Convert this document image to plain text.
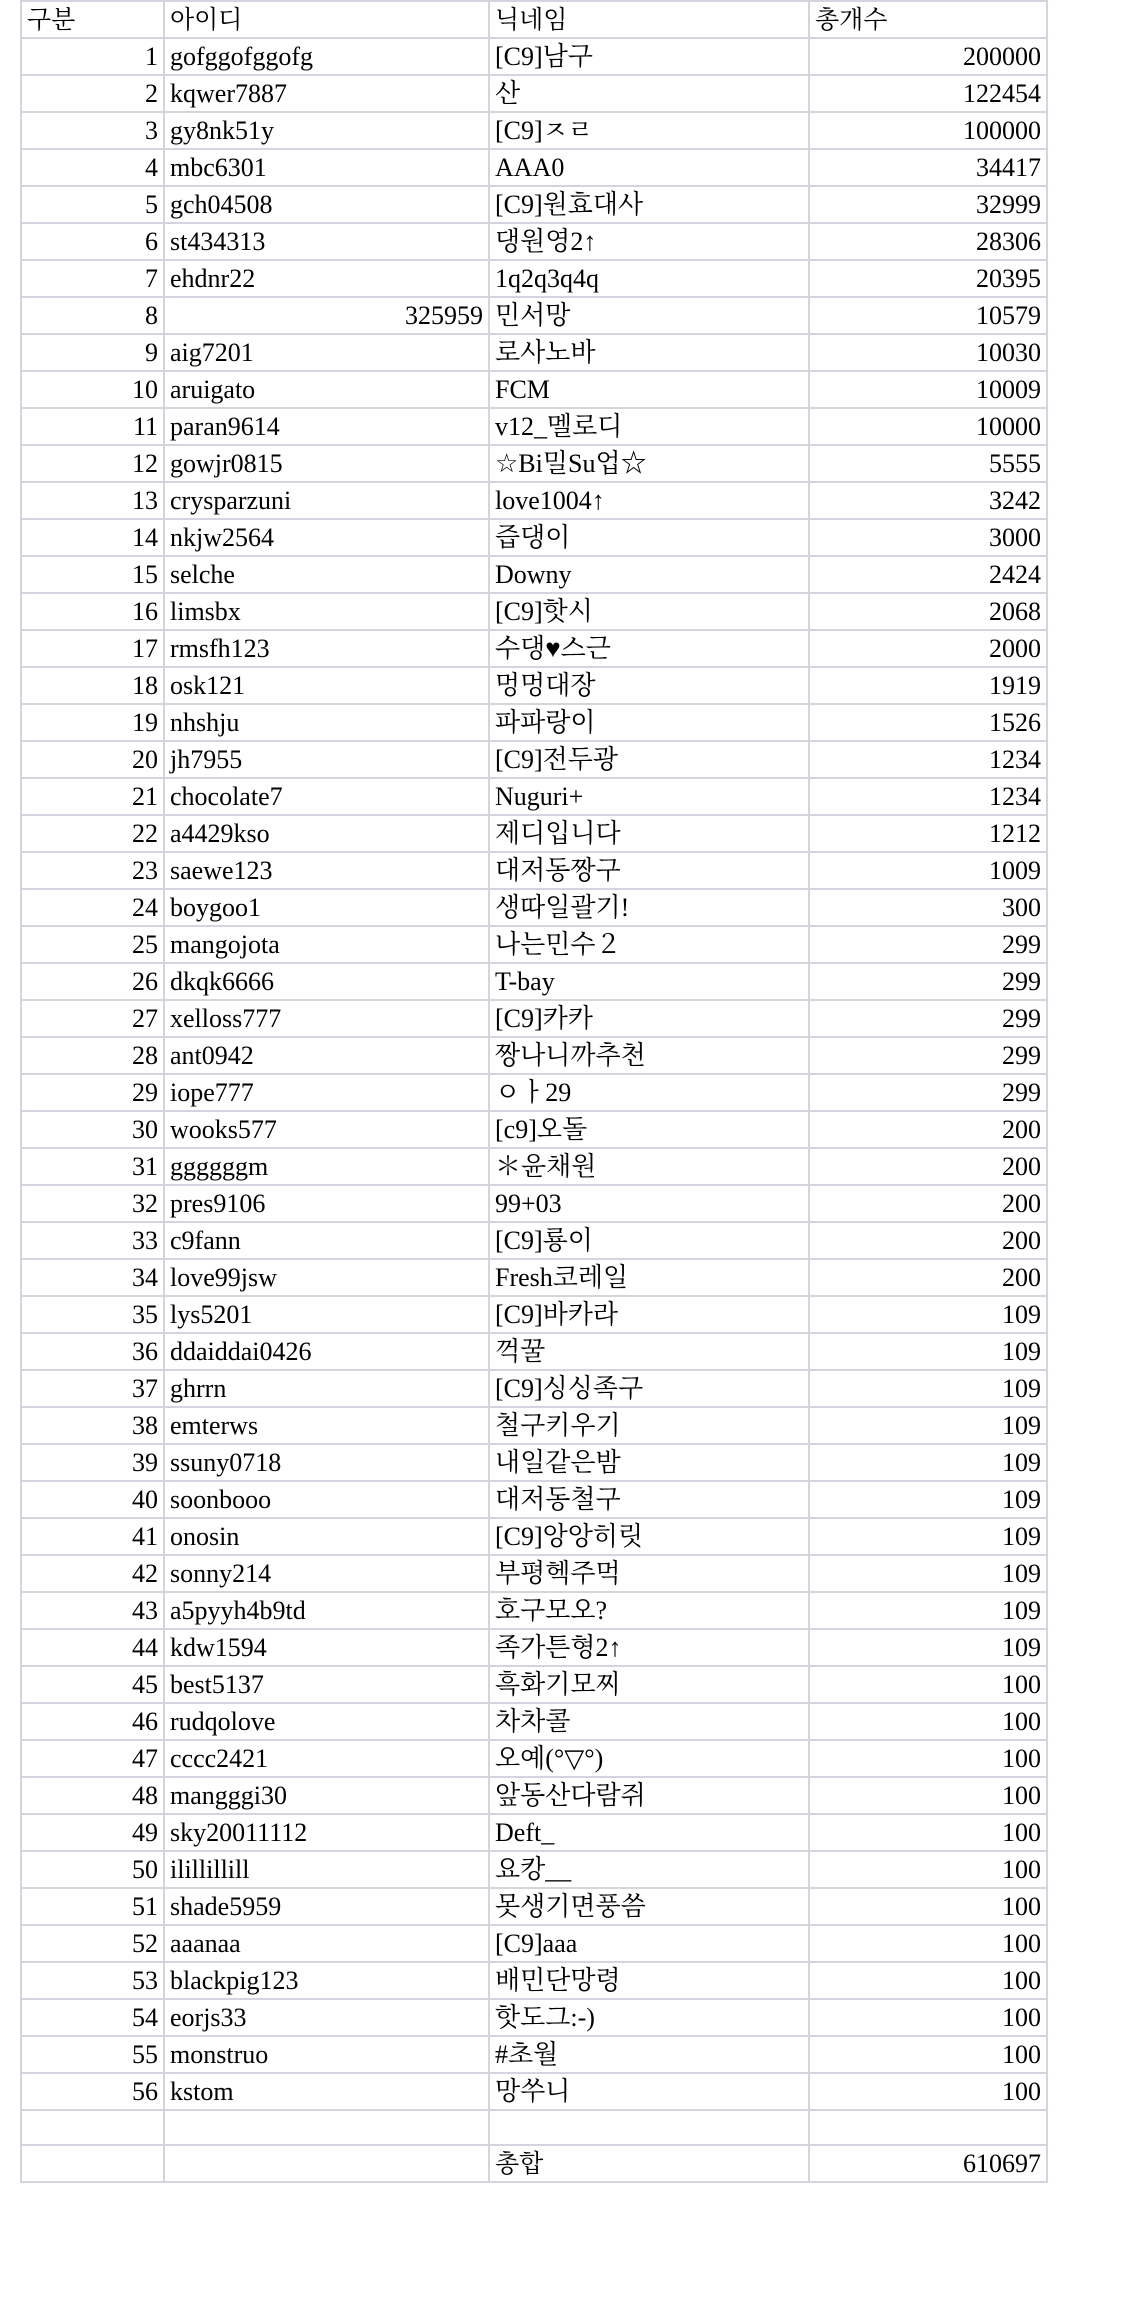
구분	아이디	닉네임	총개수
1	gofggofggofg	[C9]남구	200000
2	kqwer7887	산	122454
3	gy8nk51y	[C9]ㅈㄹ	100000
4	mbc6301	AAA0	34417
5	gch04508	[C9]원효대사	32999
6	st434313	댕원영2↑	28306
7	ehdnr22	1q2q3q4q	20395
8	325959	민서망	10579
9	aig7201	로사노바	10030
10	aruigato	FCM	10009
11	paran9614	v12_멜로디	10000
12	gowjr0815	☆Bi밀Su업☆	5555
13	crysparzuni	love1004↑	3242
14	nkjw2564	즙댕이	3000
15	selche	Downy	2424
16	limsbx	[C9]핫시	2068
17	rmsfh123	수댕♥스근	2000
18	osk121	멍멍대장	1919
19	nhshju	파파랑이	1526
20	jh7955	[C9]전두광	1234
21	chocolate7	Nuguri+	1234
22	a4429kso	제디입니다	1212
23	saewe123	대저동짱구	1009
24	boygoo1	생따일괄기!	300
25	mangojota	나는민수２	299
26	dkqk6666	T-bay	299
27	xelloss777	[C9]카카	299
28	ant0942	짱나니까추천	299
29	iope777	ㅇㅏ29	299
30	wooks577	[c9]오돌	200
31	ggggggm	＊윤채원	200
32	pres9106	99+03	200
33	c9fann	[C9]룡이	200
34	love99jsw	Fresh코레일	200
35	lys5201	[C9]바카라	109
36	ddaiddai0426	꺽꿀	109
37	ghrrn	[C9]싱싱족구	109
38	emterws	철구키우기	109
39	ssuny0718	내일같은밤	109
40	soonbooo	대저동철구	109
41	onosin	[C9]앙앙히릿	109
42	sonny214	부평헥주먹	109
43	a5pyyh4b9td	호구모오?	109
44	kdw1594	족가튼형2↑	109
45	best5137	흑화기모찌	100
46	rudqolove	차차콜	100
47	cccc2421	오예(°▽°)	100
48	mangggi30	앞동산다람쥐	100
49	sky20011112	Deft_	100
50	ilillillill	요캉__	100
51	shade5959	못생기면풍씀	100
52	aaanaa	[C9]aaa	100
53	blackpig123	배민단망령	100
54	eorjs33	핫도그:-)	100
55	monstruo	#초월	100
56	kstom	망쑤니	100

		총합	610697
